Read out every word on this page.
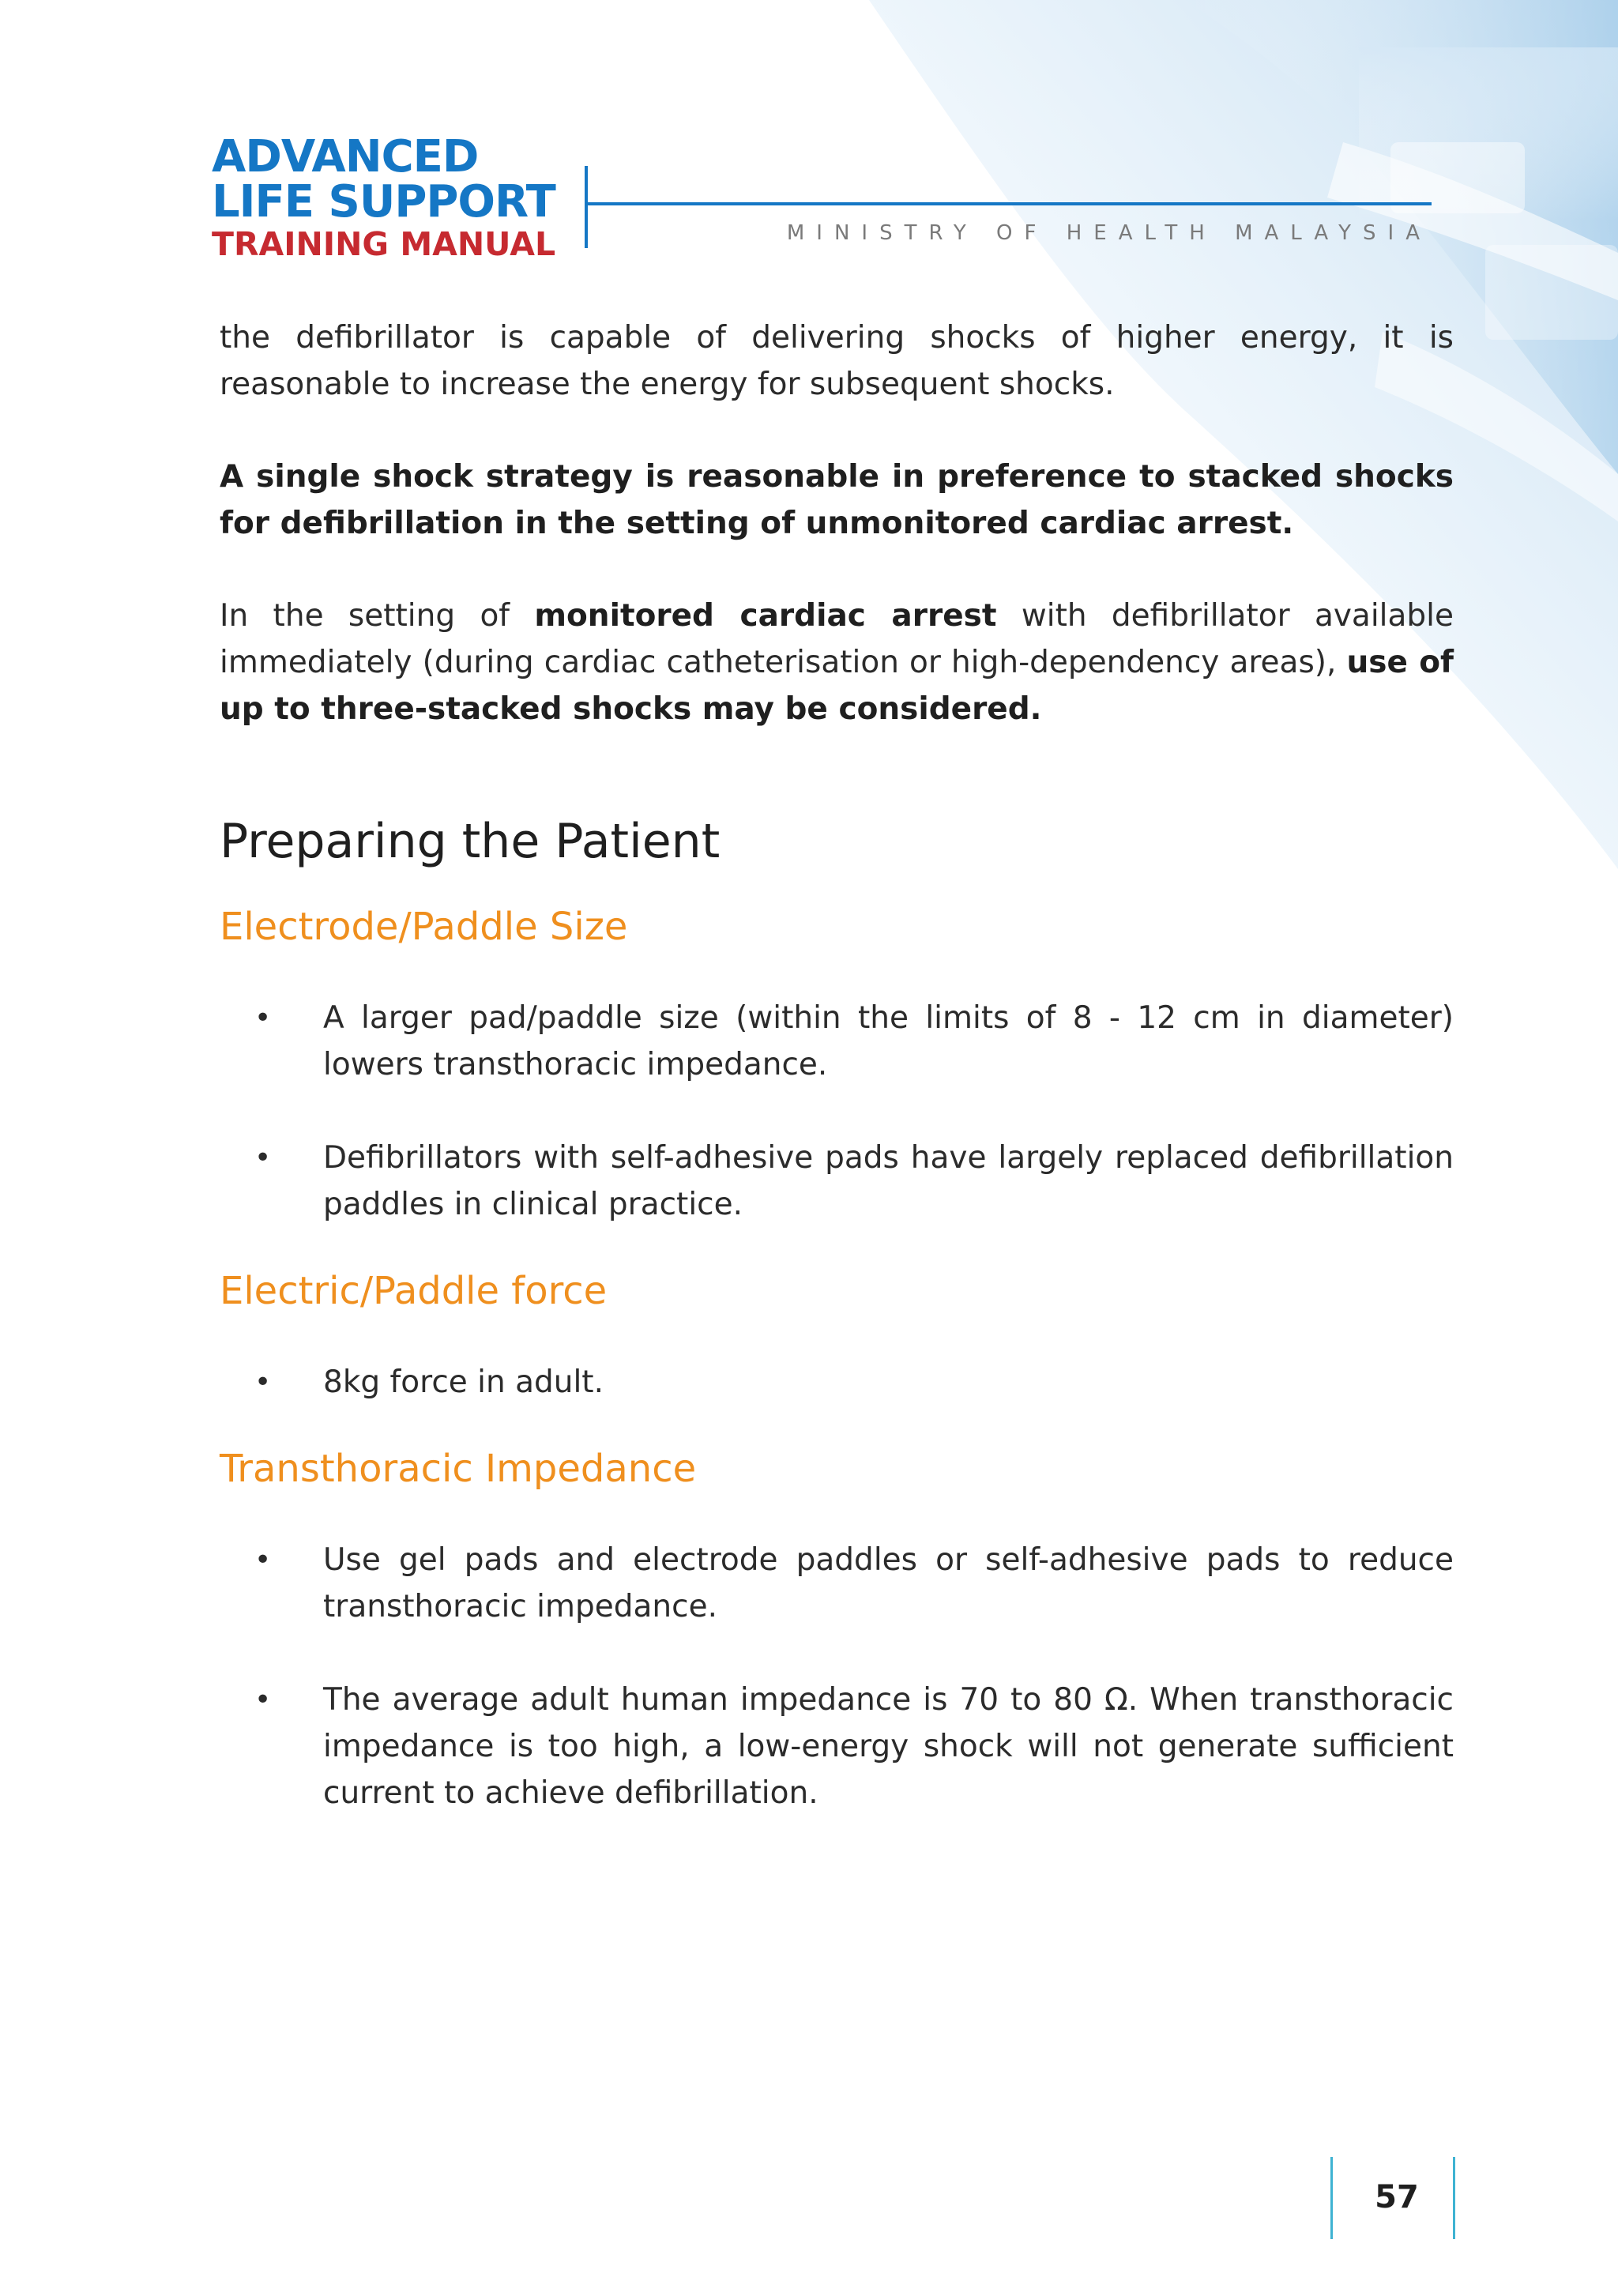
ADVANCED
LIFE SUPPORT
TRAINING MANUAL	MINISTRY OF HEALTH MALAYSIA

the defibrillator is capable of delivering shocks of higher energy, it is reasonable to increase the energy for subsequent shocks.

A single shock strategy is reasonable in preference to stacked shocks for defibrillation in the setting of unmonitored cardiac arrest.

In the setting of monitored cardiac arrest with defibrillator available immediately (during cardiac catheterisation or high-dependency areas), use of up to three-stacked shocks may be considered.

Preparing the Patient
Electrode/Paddle Size
• A larger pad/paddle size (within the limits of 8 - 12 cm in diameter) lowers transthoracic impedance.
• Defibrillators with self-adhesive pads have largely replaced defibrillation paddles in clinical practice.
Electric/Paddle force
• 8kg force in adult.
Transthoracic Impedance
• Use gel pads and electrode paddles or self-adhesive pads to reduce transthoracic impedance.
• The average adult human impedance is 70 to 80 Ω. When transthoracic impedance is too high, a low-energy shock will not generate sufficient current to achieve defibrillation.
57
